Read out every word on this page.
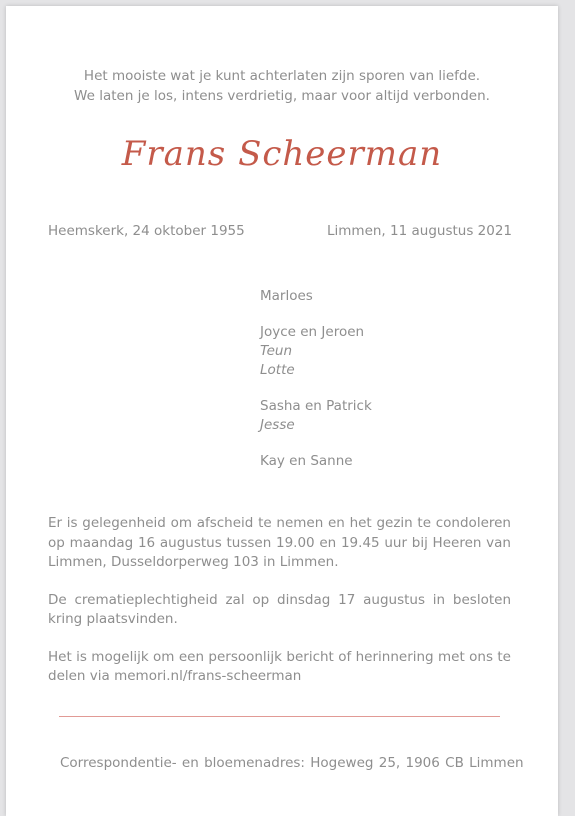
Het mooiste wat je kunt achterlaten zijn sporen van liefde.
We laten je los, intens verdrietig, maar voor altijd verbonden.
Frans Scheerman
Heemskerk, 24 oktober 1955	Limmen, 11 augustus 2021
Marloes
Joyce en Jeroen
Teun
Lotte
Sasha en Patrick
Jesse
Kay en Sanne

Er is gelegenheid om afscheid te nemen en het gezin te condoleren op maandag 16 augustus tussen 19.00 en 19.45 uur bij Heeren van Limmen, Dusseldorperweg 103 in Limmen.

De crematieplechtigheid zal op dinsdag 17 augustus in besloten kring plaatsvinden.

Het is mogelijk om een persoonlijk bericht of herinnering met ons te delen via memori.nl/frans-scheerman

Correspondentie- en bloemenadres: Hogeweg 25, 1906 CB Limmen
